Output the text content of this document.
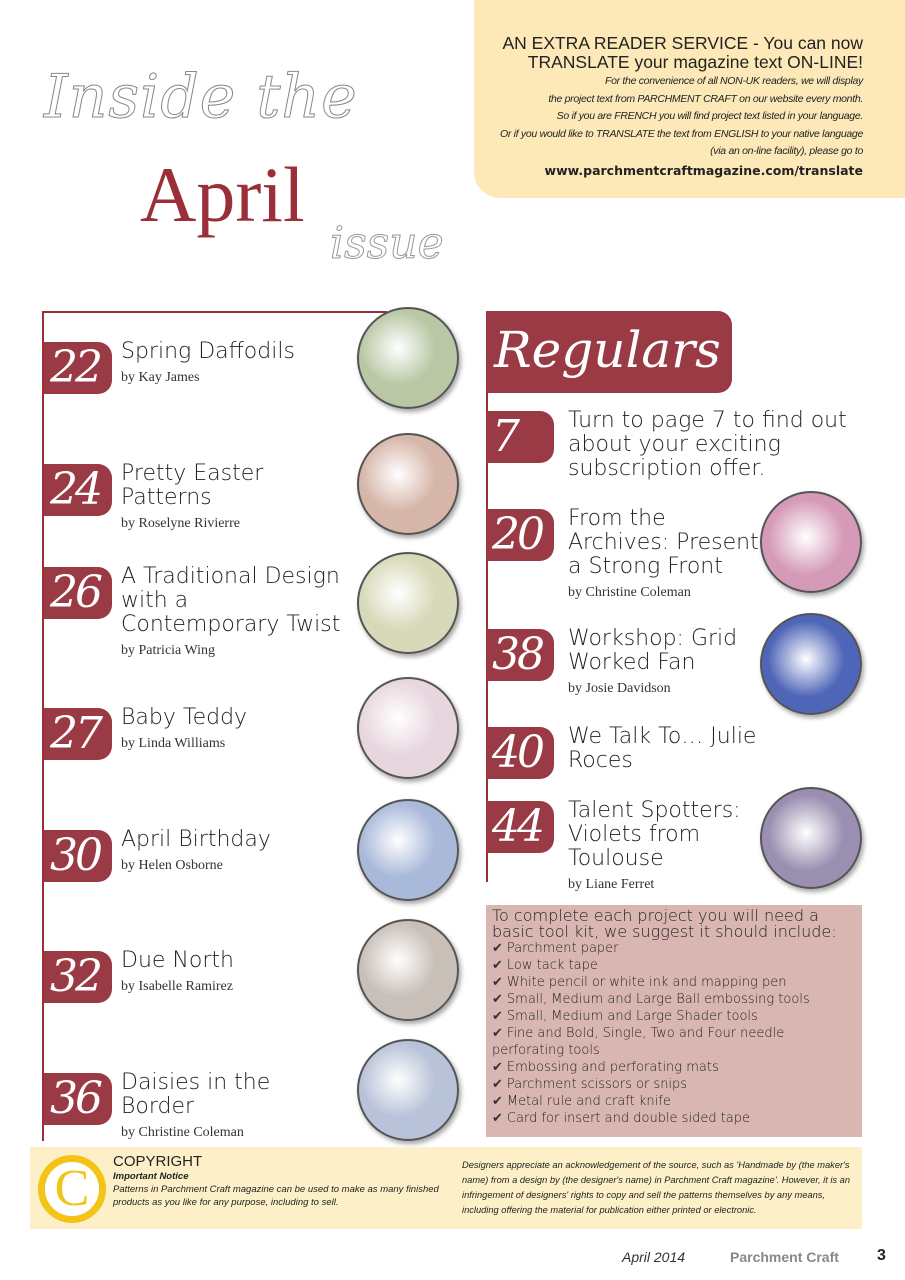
AN EXTRA READER SERVICE - You can now
TRANSLATE your magazine text ON-LINE!
For the convenience of all NON-UK readers, we will display
the project text from PARCHMENT CRAFT on our website every month.
So if you are FRENCH you will find project text listed in your language.
Or if you would like to TRANSLATE the text from ENGLISH to your native language
(via an on-line facility), please go to
www.parchmentcraftmagazine.com/translate
Inside the
April
issue
22 Spring Daffodils
by Kay James
24 Pretty Easter Patterns
by Roselyne Rivierre
26 A Traditional Design with a Contemporary Twist
by Patricia Wing
27 Baby Teddy
by Linda Williams
30 April Birthday
by Helen Osborne
32 Due North
by Isabelle Ramirez
36 Daisies in the Border
by Christine Coleman
Regulars
7	Turn to page 7 to find out about your exciting subscription offer.
20	From the Archives: Present a Strong Front
by Christine Coleman
38	Workshop: Grid Worked Fan
by Josie Davidson
40	We Talk To… Julie Roces
44	Talent Spotters: Violets from Toulouse
by Liane Ferret
To complete each project you will need a basic tool kit, we suggest it should include:
✔ Parchment paper
✔ Low tack tape
✔ White pencil or white ink and mapping pen
✔ Small, Medium and Large Ball embossing tools
✔ Small, Medium and Large Shader tools
✔ Fine and Bold, Single, Two and Four needle perforating tools
✔ Embossing and perforating mats
✔ Parchment scissors or snips
✔ Metal rule and craft knife
✔ Card for insert and double sided tape
C	COPYRIGHT
Important Notice
Patterns in Parchment Craft magazine can be used to make as many finished products as you like for any purpose, including to sell.
Designers appreciate an acknowledgement of the source, such as 'Handmade by (the maker's name) from a design by (the designer's name) in Parchment Craft magazine'. However, it is an infringement of designers' rights to copy and sell the patterns themselves by any means, including offering the material for publication either printed or electronic.
April 2014	Parchment Craft 3
